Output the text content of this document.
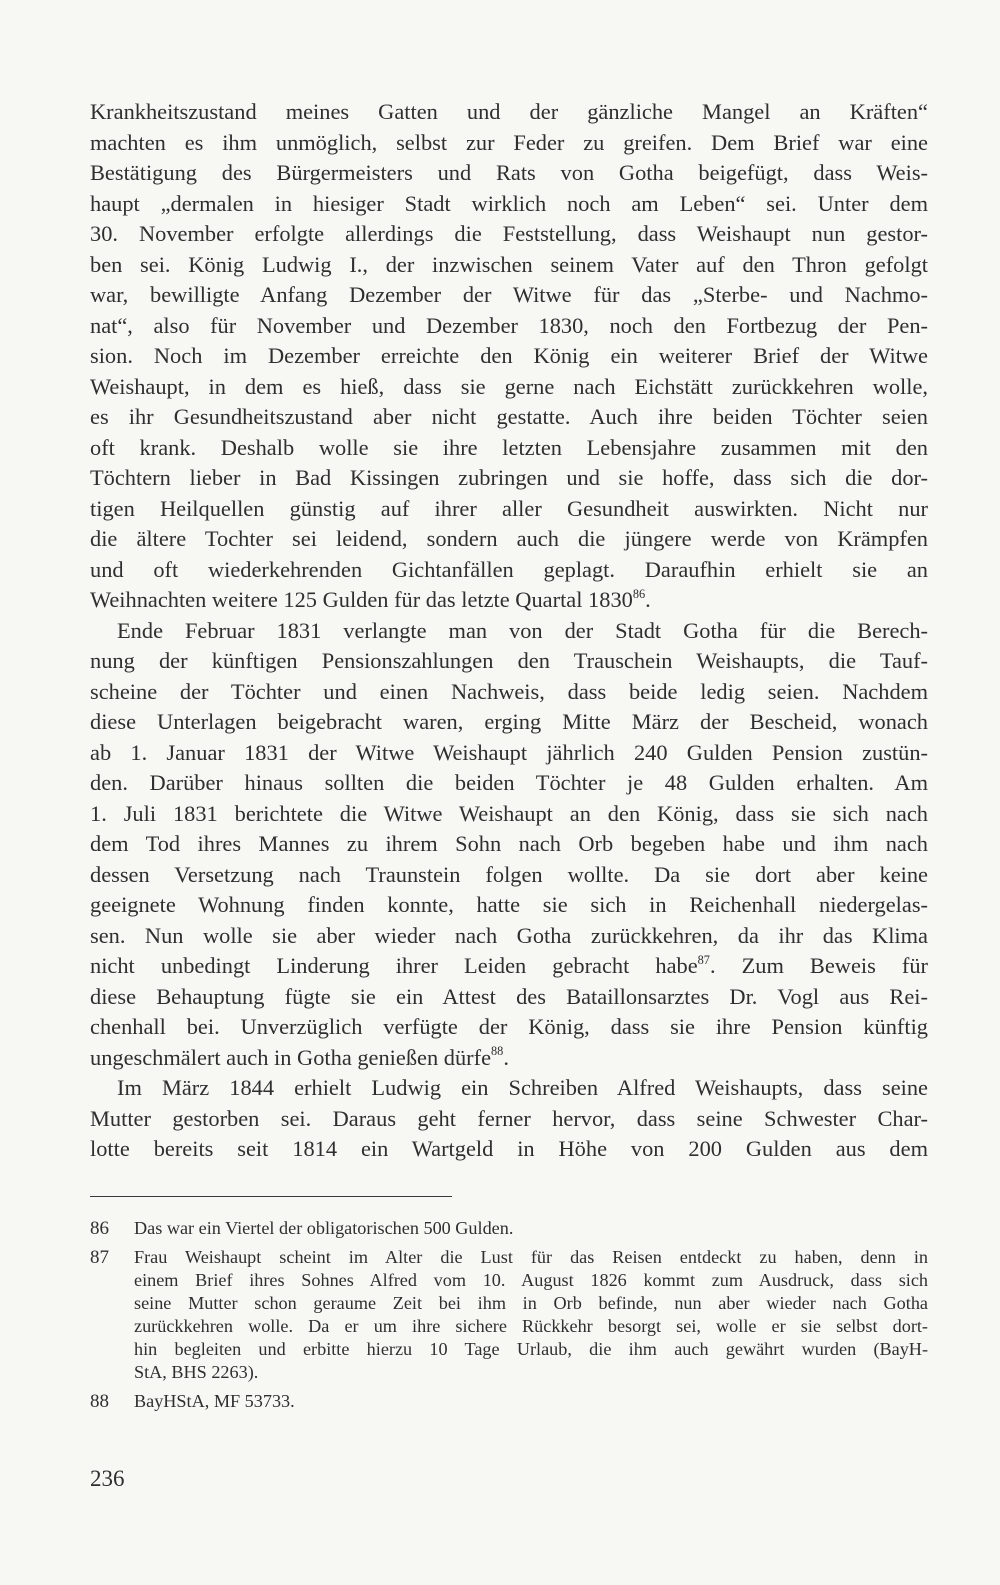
Krankheitszustand meines Gatten und der gänzliche Mangel an Kräften“
machten es ihm unmöglich, selbst zur Feder zu greifen. Dem Brief war eine
Bestätigung des Bürgermeisters und Rats von Gotha beigefügt, dass Weis-
haupt „dermalen in hiesiger Stadt wirklich noch am Leben“ sei. Unter dem
30. November erfolgte allerdings die Feststellung, dass Weishaupt nun gestor-
ben sei. König Ludwig I., der inzwischen seinem Vater auf den Thron gefolgt
war, bewilligte Anfang Dezember der Witwe für das „Sterbe- und Nachmo-
nat“, also für November und Dezember 1830, noch den Fortbezug der Pen-
sion. Noch im Dezember erreichte den König ein weiterer Brief der Witwe
Weishaupt, in dem es hieß, dass sie gerne nach Eichstätt zurückkehren wolle,
es ihr Gesundheitszustand aber nicht gestatte. Auch ihre beiden Töchter seien
oft krank. Deshalb wolle sie ihre letzten Lebensjahre zusammen mit den
Töchtern lieber in Bad Kissingen zubringen und sie hoffe, dass sich die dor-
tigen Heilquellen günstig auf ihrer aller Gesundheit auswirkten. Nicht nur
die ältere Tochter sei leidend, sondern auch die jüngere werde von Krämpfen
und oft wiederkehrenden Gichtanfällen geplagt. Daraufhin erhielt sie an
Weihnachten weitere 125 Gulden für das letzte Quartal 1830$^{86}$.
Ende Februar 1831 verlangte man von der Stadt Gotha für die Berech-
nung der künftigen Pensionszahlungen den Trauschein Weishaupts, die Tauf-
scheine der Töchter und einen Nachweis, dass beide ledig seien. Nachdem
diese Unterlagen beigebracht waren, erging Mitte März der Bescheid, wonach
ab 1. Januar 1831 der Witwe Weishaupt jährlich 240 Gulden Pension zustün-
den. Darüber hinaus sollten die beiden Töchter je 48 Gulden erhalten. Am
1. Juli 1831 berichtete die Witwe Weishaupt an den König, dass sie sich nach
dem Tod ihres Mannes zu ihrem Sohn nach Orb begeben habe und ihm nach
dessen Versetzung nach Traunstein folgen wollte. Da sie dort aber keine
geeignete Wohnung finden konnte, hatte sie sich in Reichenhall niedergelas-
sen. Nun wolle sie aber wieder nach Gotha zurückkehren, da ihr das Klima
nicht unbedingt Linderung ihrer Leiden gebracht habe$^{87}$. Zum Beweis für
diese Behauptung fügte sie ein Attest des Bataillonsarztes Dr. Vogl aus Rei-
chenhall bei. Unverzüglich verfügte der König, dass sie ihre Pension künftig
ungeschmälert auch in Gotha genießen dürfe$^{88}$.
Im März 1844 erhielt Ludwig ein Schreiben Alfred Weishaupts, dass seine
Mutter gestorben sei. Daraus geht ferner hervor, dass seine Schwester Char-
lotte bereits seit 1814 ein Wartgeld in Höhe von 200 Gulden aus dem
86 Das war ein Viertel der obligatorischen 500 Gulden.
87 Frau Weishaupt scheint im Alter die Lust für das Reisen entdeckt zu haben, denn in
einem Brief ihres Sohnes Alfred vom 10. August 1826 kommt zum Ausdruck, dass sich
seine Mutter schon geraume Zeit bei ihm in Orb befinde, nun aber wieder nach Gotha
zurückkehren wolle. Da er um ihre sichere Rückkehr besorgt sei, wolle er sie selbst dort-
hin begleiten und erbitte hierzu 10 Tage Urlaub, die ihm auch gewährt wurden (BayH-
StA, BHS 2263).
88 BayHStA, MF 53733.
236
